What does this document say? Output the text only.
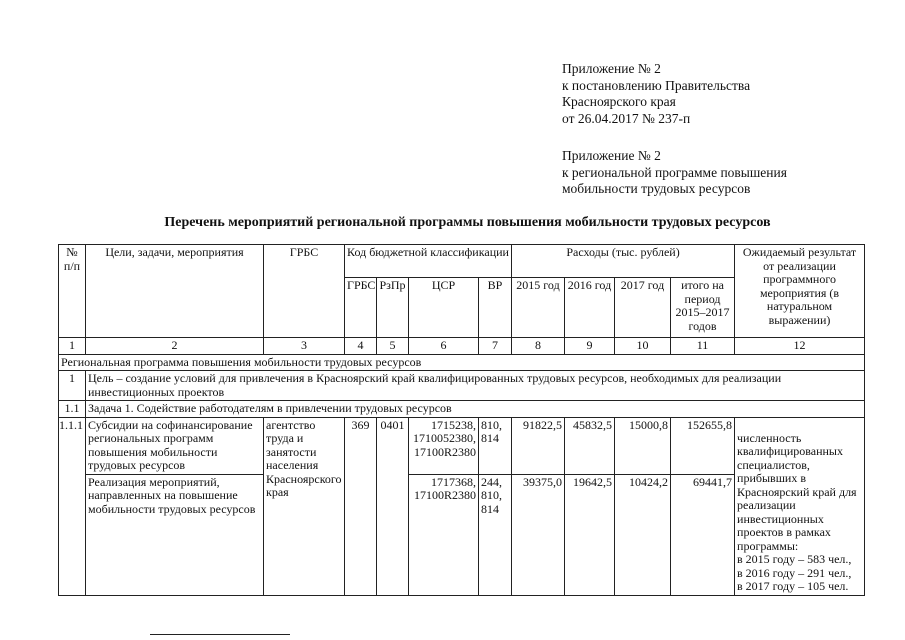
Приложение № 2
к постановлению Правительства
Красноярского края
от 26.04.2017 № 237-п
Приложение № 2
к региональной программе повышения
мобильности трудовых ресурсов
Перечень мероприятий региональной программы повышения мобильности трудовых ресурсов
№ п/п	Цели, задачи, мероприятия	ГРБС	Код бюджетной классификации				Расходы (тыс. рублей)				Ожидаемый результат от реализации программного мероприятия (в натуральном выражении)
			ГРБС	РзПр	ЦСР	ВР	2015 год	2016 год	2017 год	итого на период 2015–2017 годов	
1	2	3	4	5	6	7	8	9	10	11	12
Региональная программа повышения мобильности трудовых ресурсов											
1	Цель – создание условий для привлечения в Красноярский край квалифицированных трудовых ресурсов, необходимых для реализации инвестиционных проектов										
1.1	Задача 1. Содействие работодателям в привлечении трудовых ресурсов										
1.1.1	Субсидии на софинансирование региональных программ повышения мобильности трудовых ресурсов	агентство труда и занятости населения Красноярского края	369	0401	1715238, 1710052380, 17100R2380	810, 814	91822,5	45832,5	15000,8	152655,8	численность квалифицированных специалистов, прибывших в Красноярский край для реализации инвестиционных проектов в рамках программы:
в 2015 году – 583 чел.,
в 2016 году – 291 чел.,
в 2017 году – 105 чел.

	Реализация мероприятий, направленных на повышение мобильности трудовых ресурсов				1717368, 17100R2380	244, 810, 814	39375,0	19642,5	10424,2	69441,7	
